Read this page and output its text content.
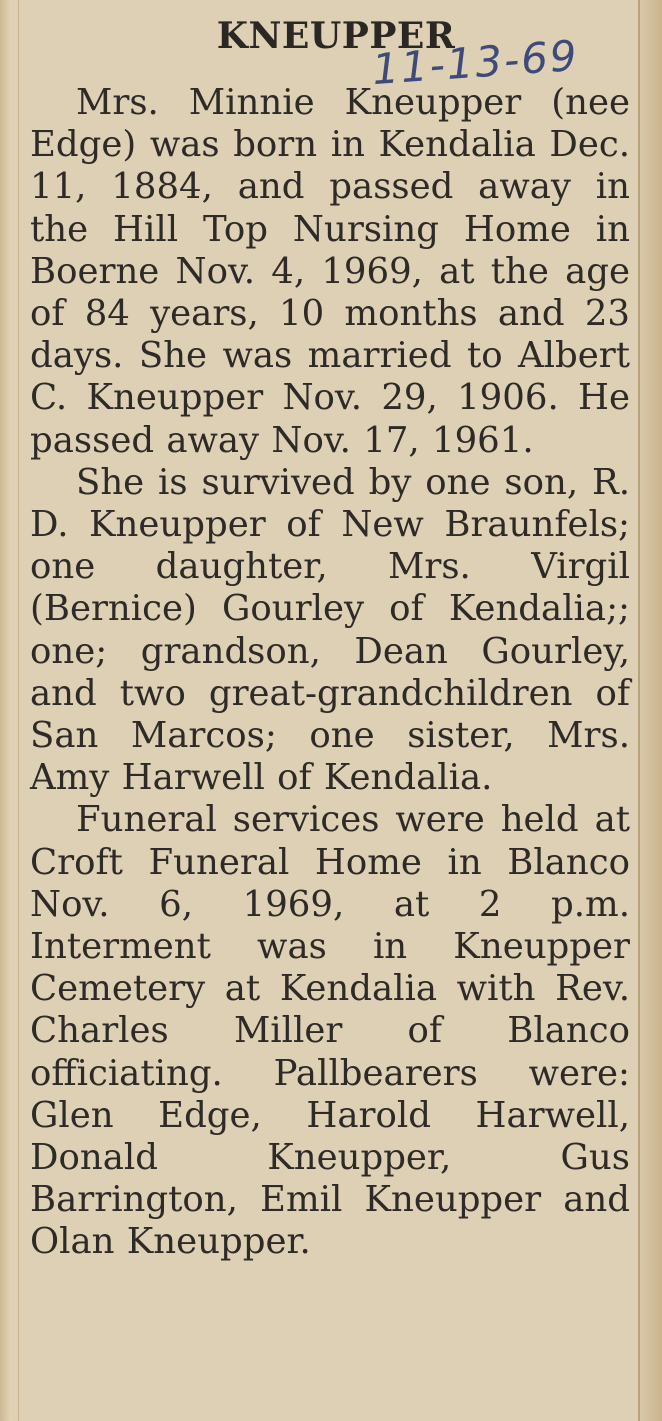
KNEUPPER

11-13-69

Mrs. Minnie Kneupper (nee Edge) was born in Kendalia Dec. 11, 1884, and passed away in the Hill Top Nursing Home in Boerne Nov. 4, 1969, at the age of 84 years, 10 months and 23 days. She was married to Albert C. Kneupper Nov. 29, 1906. He passed away Nov. 17, 1961.

She is survived by one son, R. D. Kneupper of New Braunfels; one daughter, Mrs. Virgil (Bernice) Gourley of Kendalia;; one; grandson, Dean Gourley, and two great-grandchildren of San Marcos; one sister, Mrs. Amy Harwell of Kendalia.

Funeral services were held at Croft Funeral Home in Blanco Nov. 6, 1969, at 2 p.m. Interment was in Kneupper Cemetery at Kendalia with Rev. Charles Miller of Blanco officiating. Pallbearers were: Glen Edge, Harold Harwell, Donald Kneupper, Gus Barrington, Emil Kneupper and Olan Kneupper.
